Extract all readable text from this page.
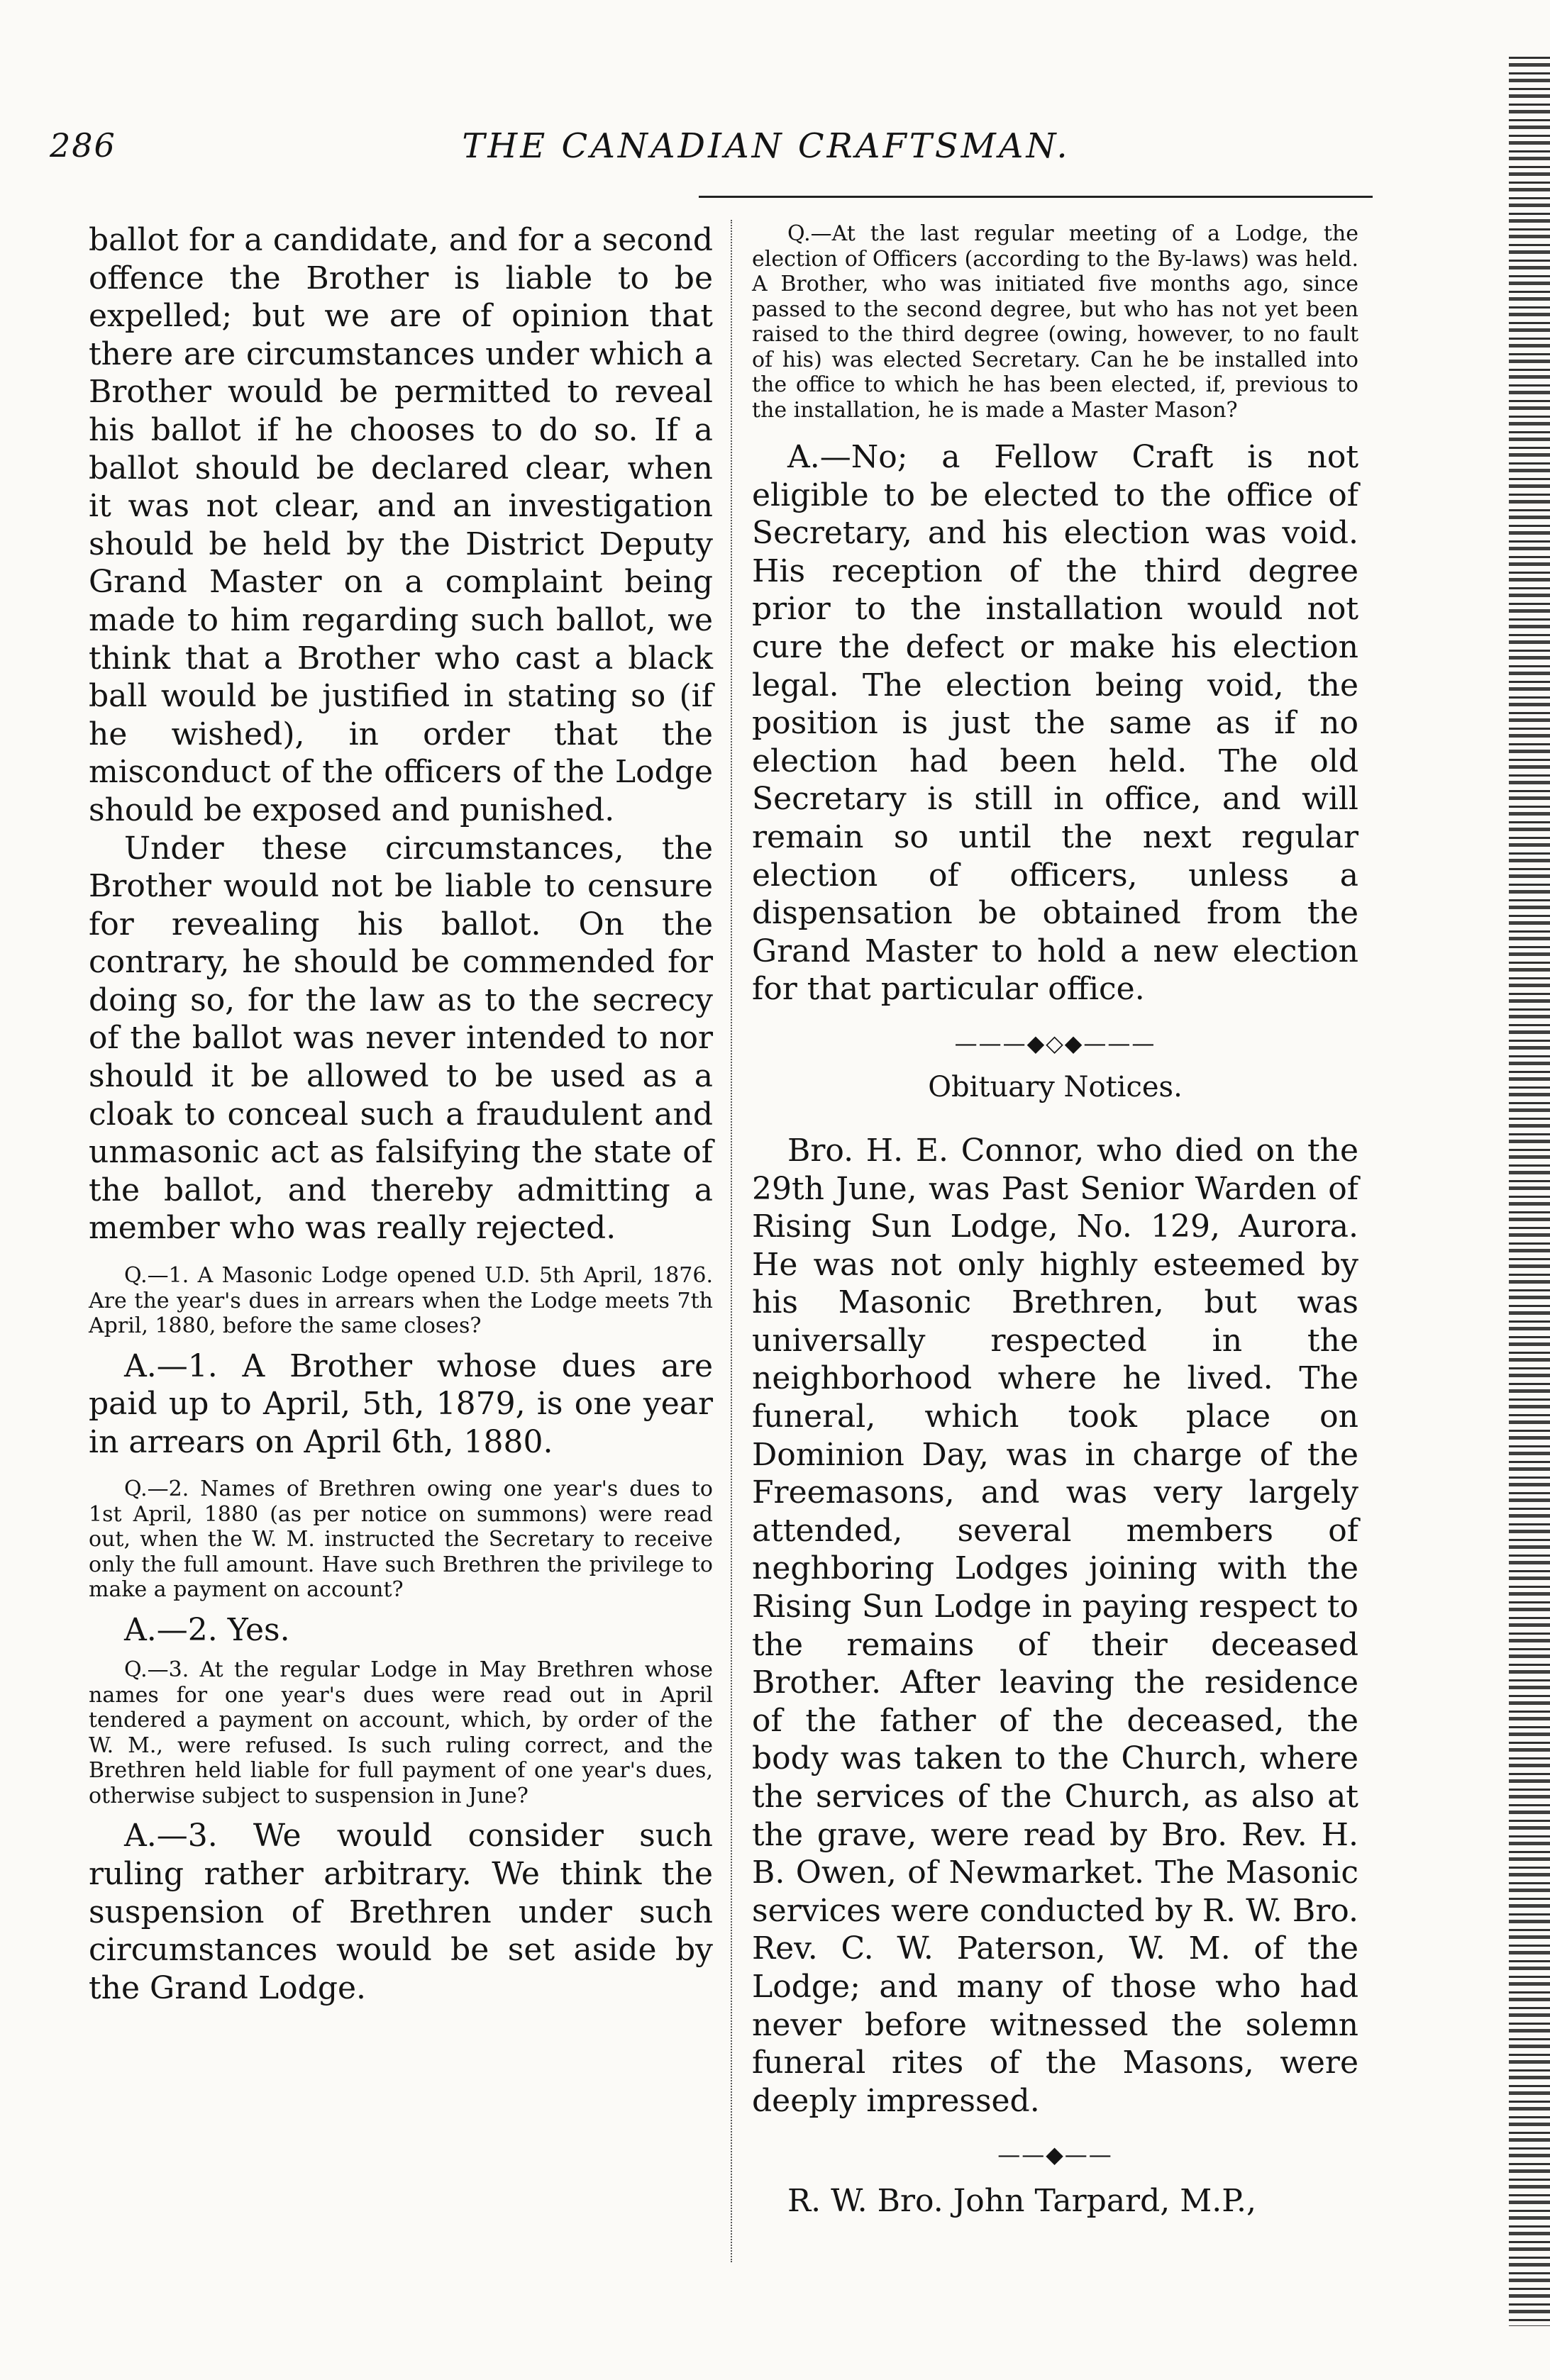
286	THE CANADIAN CRAFTSMAN.

ballot for a candidate, and for a second offence the Brother is liable to be expelled; but we are of opinion that there are circumstances under which a Brother would be permitted to reveal his ballot if he chooses to do so. If a ballot should be declared clear, when it was not clear, and an investigation should be held by the District Deputy Grand Master on a complaint being made to him regarding such ballot, we think that a Brother who cast a black ball would be justified in stating so (if he wished), in order that the misconduct of the officers of the Lodge should be exposed and punished.

Under these circumstances, the Brother would not be liable to censure for revealing his ballot. On the contrary, he should be commended for doing so, for the law as to the secrecy of the ballot was never intended to nor should it be allowed to be used as a cloak to conceal such a fraudulent and unmasonic act as falsifying the state of the ballot, and thereby admitting a member who was really rejected.

Q.—1. A Masonic Lodge opened U.D. 5th April, 1876. Are the year's dues in arrears when the Lodge meets 7th April, 1880, before the same closes?

A.—1. A Brother whose dues are paid up to April, 5th, 1879, is one year in arrears on April 6th, 1880.

Q.—2. Names of Brethren owing one year's dues to 1st April, 1880 (as per notice on summons) were read out, when the W. M. instructed the Secretary to receive only the full amount. Have such Brethren the privilege to make a payment on account?

A.—2. Yes.

Q.—3. At the regular Lodge in May Brethren whose names for one year's dues were read out in April tendered a payment on account, which, by order of the W. M., were refused. Is such ruling correct, and the Brethren held liable for full payment of one year's dues, otherwise subject to suspension in June?

A.—3. We would consider such ruling rather arbitrary. We think the suspension of Brethren under such circumstances would be set aside by the Grand Lodge.

Q.—At the last regular meeting of a Lodge, the election of Officers (according to the By-laws) was held. A Brother, who was initiated five months ago, since passed to the second degree, but who has not yet been raised to the third degree (owing, however, to no fault of his) was elected Secretary. Can he be installed into the office to which he has been elected, if, previous to the installation, he is made a Master Mason?

A.—No; a Fellow Craft is not eligible to be elected to the office of Secretary, and his election was void. His reception of the third degree prior to the installation would not cure the defect or make his election legal. The election being void, the position is just the same as if no election had been held. The old Secretary is still in office, and will remain so until the next regular election of officers, unless a dispensation be obtained from the Grand Master to hold a new election for that particular office.

———◆◇◆———
Obituary Notices.

Bro. H. E. Connor, who died on the 29th June, was Past Senior Warden of Rising Sun Lodge, No. 129, Aurora. He was not only highly esteemed by his Masonic Brethren, but was universally respected in the neighborhood where he lived. The funeral, which took place on Dominion Day, was in charge of the Freemasons, and was very largely attended, several members of neghboring Lodges joining with the Rising Sun Lodge in paying respect to the remains of their deceased Brother. After leaving the residence of the father of the deceased, the body was taken to the Church, where the services of the Church, as also at the grave, were read by Bro. Rev. H. B. Owen, of Newmarket. The Masonic services were conducted by R. W. Bro. Rev. C. W. Paterson, W. M. of the Lodge; and many of those who had never before witnessed the solemn funeral rites of the Masons, were deeply impressed.

——◆——

R. W. Bro. John Tarpard, M.P.,
